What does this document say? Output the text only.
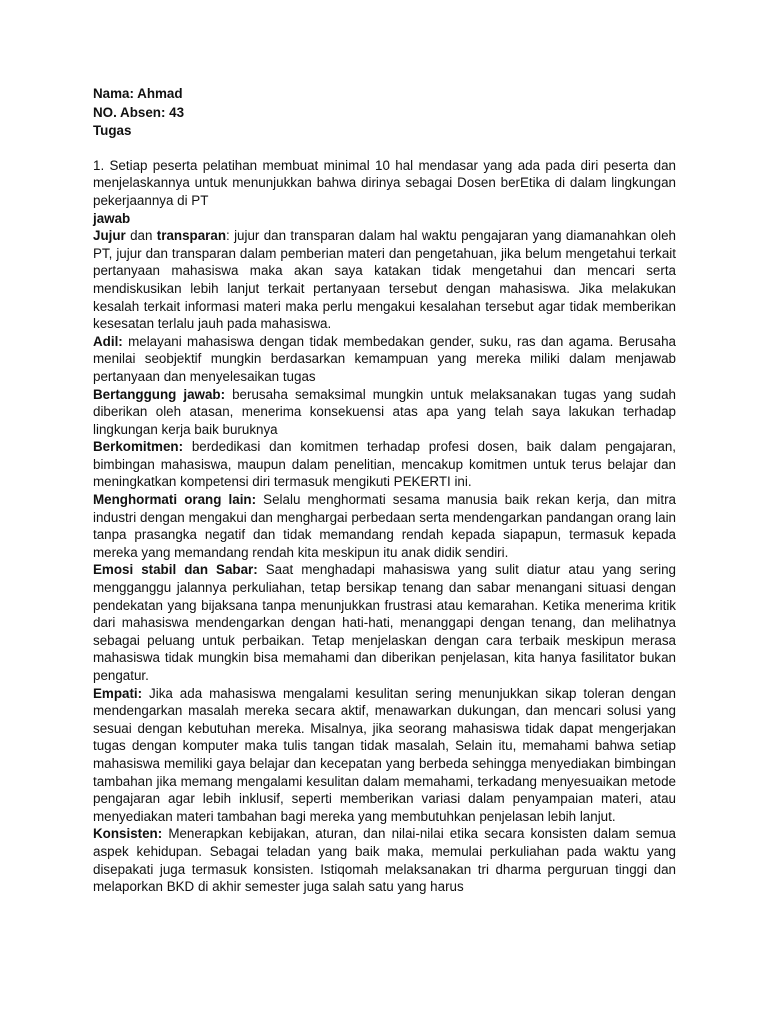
Nama: Ahmad

NO. Absen: 43

Tugas

1. Setiap peserta pelatihan membuat minimal 10 hal mendasar yang ada pada diri peserta dan menjelaskannya untuk menunjukkan bahwa dirinya sebagai Dosen berEtika di dalam lingkungan pekerjaannya di PT

jawab

Jujur dan transparan: jujur dan transparan dalam hal waktu pengajaran yang diamanahkan oleh PT, jujur dan transparan dalam pemberian materi dan pengetahuan, jika belum mengetahui terkait pertanyaan mahasiswa maka akan saya katakan tidak mengetahui dan mencari serta mendiskusikan lebih lanjut terkait pertanyaan tersebut dengan mahasiswa. Jika melakukan kesalah terkait informasi materi maka perlu mengakui kesalahan tersebut agar tidak memberikan kesesatan terlalu jauh pada mahasiswa.

Adil: melayani mahasiswa dengan tidak membedakan gender, suku, ras dan agama. Berusaha menilai seobjektif mungkin berdasarkan kemampuan yang mereka miliki dalam menjawab pertanyaan dan menyelesaikan tugas

Bertanggung jawab: berusaha semaksimal mungkin untuk melaksanakan tugas yang sudah diberikan oleh atasan, menerima konsekuensi atas apa yang telah saya lakukan terhadap lingkungan kerja baik buruknya

Berkomitmen: berdedikasi dan komitmen terhadap profesi dosen, baik dalam pengajaran, bimbingan mahasiswa, maupun dalam penelitian, mencakup komitmen untuk terus belajar dan meningkatkan kompetensi diri termasuk mengikuti PEKERTI ini.

Menghormati orang lain: Selalu menghormati sesama manusia baik rekan kerja, dan mitra industri dengan mengakui dan menghargai perbedaan serta mendengarkan pandangan orang lain tanpa prasangka negatif dan tidak memandang rendah kepada siapapun, termasuk kepada mereka yang memandang rendah kita meskipun itu anak didik sendiri.

Emosi stabil dan Sabar: Saat menghadapi mahasiswa yang sulit diatur atau yang sering mengganggu jalannya perkuliahan, tetap bersikap tenang dan sabar menangani situasi dengan pendekatan yang bijaksana tanpa menunjukkan frustrasi atau kemarahan. Ketika menerima kritik dari mahasiswa mendengarkan dengan hati-hati, menanggapi dengan tenang, dan melihatnya sebagai peluang untuk perbaikan. Tetap menjelaskan dengan cara terbaik meskipun merasa mahasiswa tidak mungkin bisa memahami dan diberikan penjelasan, kita hanya fasilitator bukan pengatur.

Empati: Jika ada mahasiswa mengalami kesulitan sering menunjukkan sikap toleran dengan mendengarkan masalah mereka secara aktif, menawarkan dukungan, dan mencari solusi yang sesuai dengan kebutuhan mereka. Misalnya, jika seorang mahasiswa tidak dapat mengerjakan tugas dengan komputer maka tulis tangan tidak masalah, Selain itu, memahami bahwa setiap mahasiswa memiliki gaya belajar dan kecepatan yang berbeda sehingga menyediakan bimbingan tambahan jika memang mengalami kesulitan dalam memahami, terkadang menyesuaikan metode pengajaran agar lebih inklusif, seperti memberikan variasi dalam penyampaian materi, atau menyediakan materi tambahan bagi mereka yang membutuhkan penjelasan lebih lanjut.

Konsisten: Menerapkan kebijakan, aturan, dan nilai-nilai etika secara konsisten dalam semua aspek kehidupan. Sebagai teladan yang baik maka, memulai perkuliahan pada waktu yang disepakati juga termasuk konsisten. Istiqomah melaksanakan tri dharma perguruan tinggi dan melaporkan BKD di akhir semester juga salah satu yang harus
